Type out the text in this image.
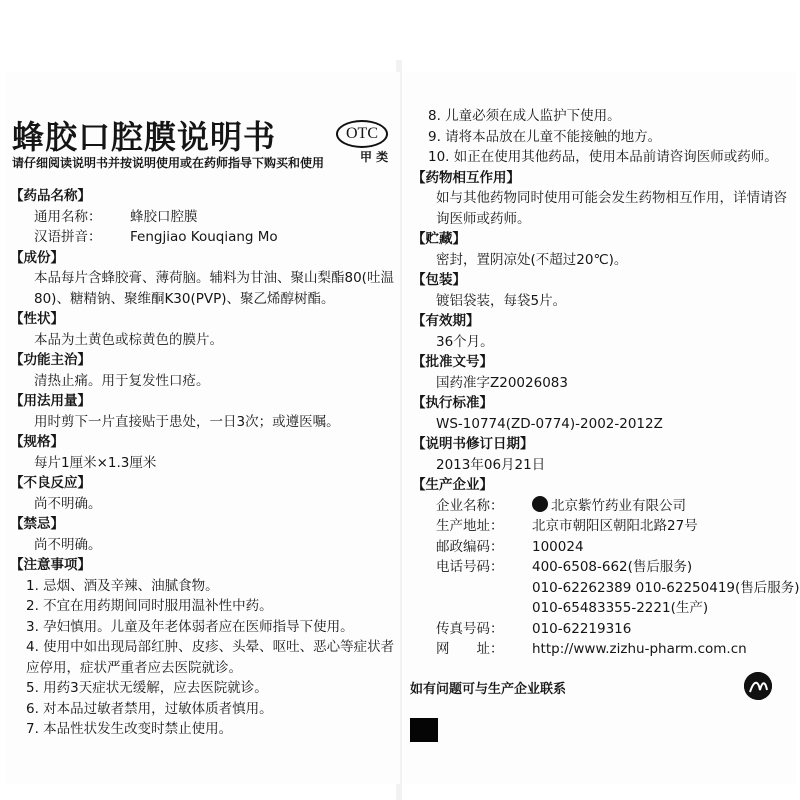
蜂胶口腔膜说明书	OTC
甲 类
请仔细阅读说明书并按说明使用或在药师指导下购买和使用
【药品名称】
通用名称：	蜂胶口腔膜
汉语拼音：	Fengjiao Kouqiang Mo
【成份】
本品每片含蜂胶膏、薄荷脑。辅料为甘油、聚山梨酯80(吐温80)、糖精钠、聚维酮K30(PVP)、聚乙烯醇树酯。
【性状】
本品为土黄色或棕黄色的膜片。
【功能主治】
清热止痛。用于复发性口疮。
【用法用量】
用时剪下一片直接贴于患处，一日3次；或遵医嘱。
【规格】
每片1厘米×1.3厘米
【不良反应】
尚不明确。
【禁忌】
尚不明确。
【注意事项】
1. 忌烟、酒及辛辣、油腻食物。
2. 不宜在用药期间同时服用温补性中药。
3. 孕妇慎用。儿童及年老体弱者应在医师指导下使用。
4. 使用中如出现局部红肿、皮疹、头晕、呕吐、恶心等症状者应停用，症状严重者应去医院就诊。
5. 用药3天症状无缓解，应去医院就诊。
6. 对本品过敏者禁用，过敏体质者慎用。
7. 本品性状发生改变时禁止使用。
8. 儿童必须在成人监护下使用。
9. 请将本品放在儿童不能接触的地方。
10. 如正在使用其他药品，使用本品前请咨询医师或药师。
【药物相互作用】
如与其他药物同时使用可能会发生药物相互作用，详情请咨询医师或药师。
【贮藏】
密封，置阴凉处(不超过20℃)。
【包装】
镀铝袋装，每袋5片。
【有效期】
36个月。
【批准文号】
国药准字Z20026083
【执行标准】
WS-10774(ZD-0774)-2002-2012Z
【说明书修订日期】
2013年06月21日
【生产企业】
企业名称：	北京紫竹药业有限公司
生产地址：	北京市朝阳区朝阳北路27号
邮政编码：	100024
电话号码：	400-6508-662(售后服务)
010-62262389 010-62250419(售后服务)
010-65483355-2221(生产)
传真号码：	010-62219316
网　　址：	http://www.zizhu-pharm.com.cn
如有问题可与生产企业联系
